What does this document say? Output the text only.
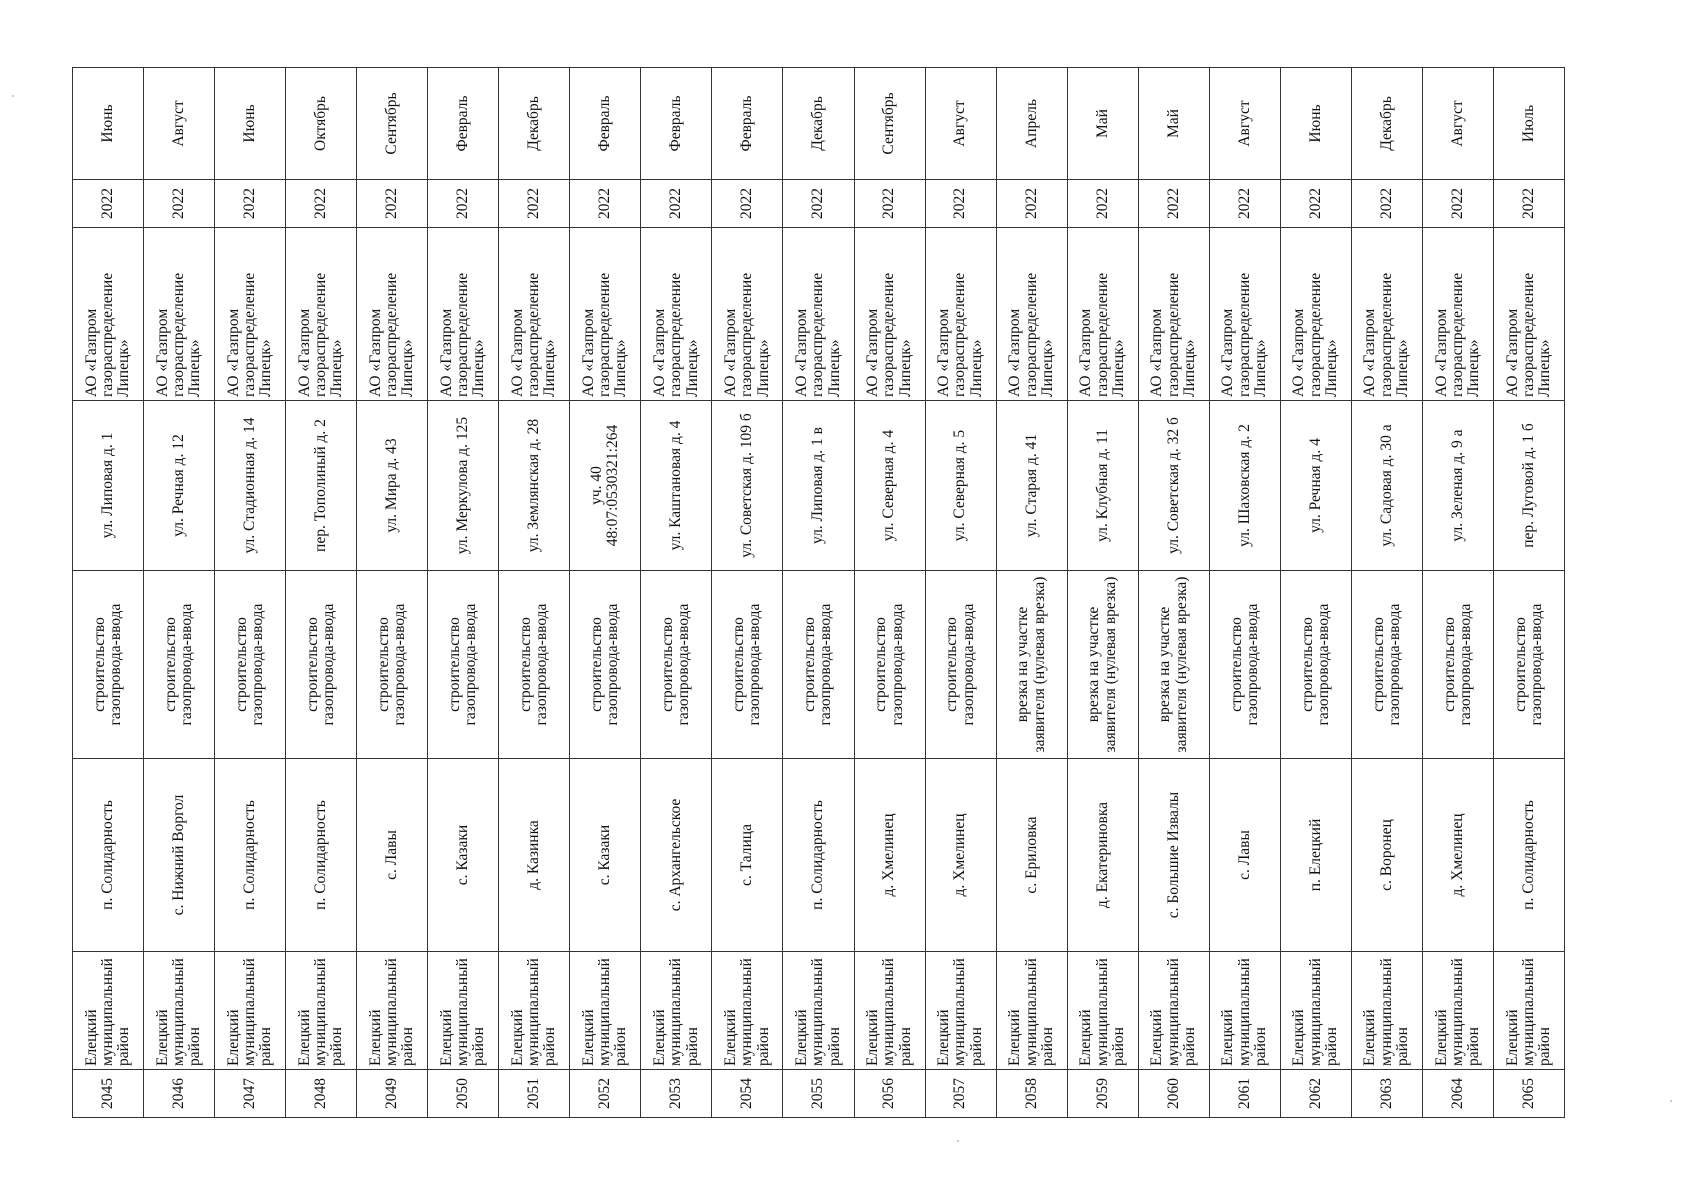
2045	Елецкий муниципальный район	п. Солидарность	строительство газопровода-ввода	ул. Липовая д. 1	АО «Газпром газораспределение Липецк»	2022	Июнь
2046	Елецкий муниципальный район	с. Нижний Воргол	строительство газопровода-ввода	ул. Речная д. 12	АО «Газпром газораспределение Липецк»	2022	Август
2047	Елецкий муниципальный район	п. Солидарность	строительство газопровода-ввода	ул. Стадионная д. 14	АО «Газпром газораспределение Липецк»	2022	Июнь
2048	Елецкий муниципальный район	п. Солидарность	строительство газопровода-ввода	пер. Тополиный д. 2	АО «Газпром газораспределение Липецк»	2022	Октябрь
2049	Елецкий муниципальный район	с. Лавы	строительство газопровода-ввода	ул. Мира д. 43	АО «Газпром газораспределение Липецк»	2022	Сентябрь
2050	Елецкий муниципальный район	с. Казаки	строительство газопровода-ввода	ул. Меркулова д. 125	АО «Газпром газораспределение Липецк»	2022	Февраль
2051	Елецкий муниципальный район	д. Казинка	строительство газопровода-ввода	ул. Землянская д. 28	АО «Газпром газораспределение Липецк»	2022	Декабрь
2052	Елецкий муниципальный район	с. Казаки	строительство газопровода-ввода	уч. 40 48:07:0530321:264	АО «Газпром газораспределение Липецк»	2022	Февраль
2053	Елецкий муниципальный район	с. Архангельское	строительство газопровода-ввода	ул. Каштановая д. 4	АО «Газпром газораспределение Липецк»	2022	Февраль
2054	Елецкий муниципальный район	с. Талица	строительство газопровода-ввода	ул. Советская д. 109 б	АО «Газпром газораспределение Липецк»	2022	Февраль
2055	Елецкий муниципальный район	п. Солидарность	строительство газопровода-ввода	ул. Липовая д. 1 в	АО «Газпром газораспределение Липецк»	2022	Декабрь
2056	Елецкий муниципальный район	д. Хмелинец	строительство газопровода-ввода	ул. Северная д. 4	АО «Газпром газораспределение Липецк»	2022	Сентябрь
2057	Елецкий муниципальный район	д. Хмелинец	строительство газопровода-ввода	ул. Северная д. 5	АО «Газпром газораспределение Липецк»	2022	Август
2058	Елецкий муниципальный район	с. Ериловка	врезка на участке заявителя (нулевая врезка)	ул. Старая д. 41	АО «Газпром газораспределение Липецк»	2022	Апрель
2059	Елецкий муниципальный район	д. Екатериновка	врезка на участке заявителя (нулевая врезка)	ул. Клубная д. 11	АО «Газпром газораспределение Липецк»	2022	Май
2060	Елецкий муниципальный район	с. Большие Извалы	врезка на участке заявителя (нулевая врезка)	ул. Советская д. 32 б	АО «Газпром газораспределение Липецк»	2022	Май
2061	Елецкий муниципальный район	с. Лавы	строительство газопровода-ввода	ул. Шаховская д. 2	АО «Газпром газораспределение Липецк»	2022	Август
2062	Елецкий муниципальный район	п. Елецкий	строительство газопровода-ввода	ул. Речная д. 4	АО «Газпром газораспределение Липецк»	2022	Июнь
2063	Елецкий муниципальный район	с. Воронец	строительство газопровода-ввода	ул. Садовая д. 30 а	АО «Газпром газораспределение Липецк»	2022	Декабрь
2064	Елецкий муниципальный район	д. Хмелинец	строительство газопровода-ввода	ул. Зеленая д. 9 а	АО «Газпром газораспределение Липецк»	2022	Август
2065	Елецкий муниципальный район	п. Солидарность	строительство газопровода-ввода	пер. Луговой д. 1 б	АО «Газпром газораспределение Липецк»	2022	Июль
